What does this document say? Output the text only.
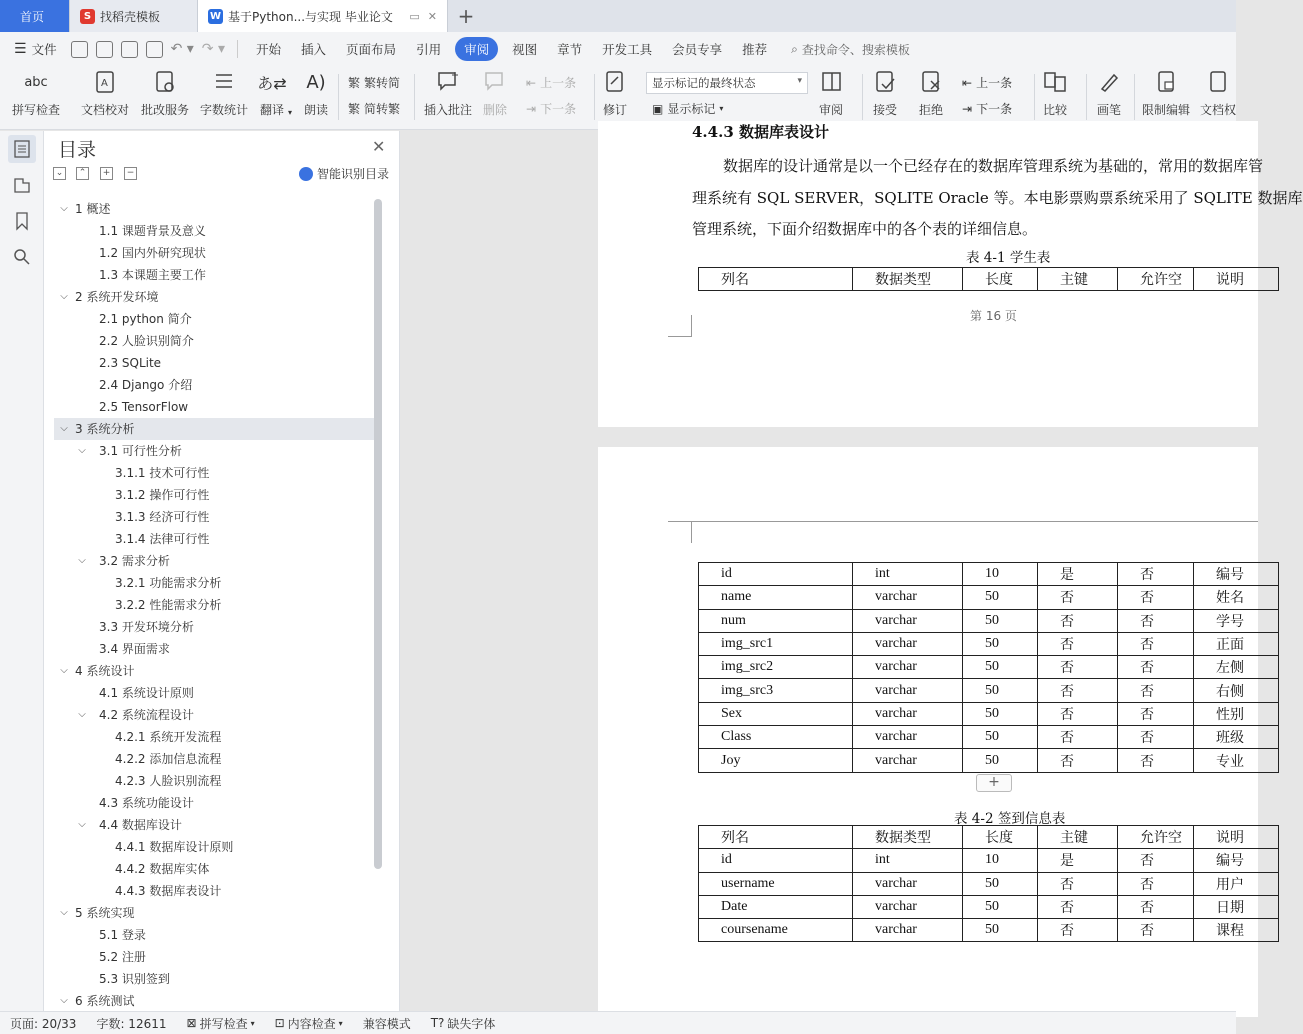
首页	S 找稻壳模板	W 基于Python...与实现 毕业论文 ▭ ✕	+
☰ 文件	↶ ▾ ↷ ▾	开始	插入	页面布局	引用	审阅	视图	章节	开发工具	会员专享	推荐	⌕ 查找命令、搜索模板
abc
拼写检查
A
文档校对 批改服务 字数统计
あ⇄
翻译 ▾
A)
朗读
繁 繁转简
繁 简转繁 插入批注 删除
⇤ 上一条
⇥ 下一条 修订
显示标记的最终状态	▾
▣ 显示标记 ▾	审阅 接受 拒绝
⇤ 上一条
⇥ 下一条	比较 画笔 限制编辑 文档权
目录	✕
⌄	⌃	+	−	智能识别目录
⌵ 1 概述
1.1 课题背景及意义
1.2 国内外研究现状
1.3 本课题主要工作
⌵ 2 系统开发环境
2.1 python 简介
2.2 人脸识别简介
2.3 SQLite
2.4 Django 介绍
2.5 TensorFlow
⌵ 3 系统分析
⌵ 3.1 可行性分析
3.1.1 技术可行性
3.1.2 操作可行性
3.1.3 经济可行性
3.1.4 法律可行性
⌵ 3.2 需求分析
3.2.1 功能需求分析
3.2.2 性能需求分析
3.3 开发环境分析
3.4 界面需求
⌵ 4 系统设计
4.1 系统设计原则
⌵ 4.2 系统流程设计
4.2.1 系统开发流程
4.2.2 添加信息流程
4.2.3 人脸识别流程
4.3 系统功能设计
⌵ 4.4 数据库设计
4.4.1 数据库设计原则
4.4.2 数据库实体
4.4.3 数据库表设计
⌵ 5 系统实现
5.1 登录
5.2 注册
5.3 识别签到
⌵ 6 系统测试
4.4.3 数据库表设计
数据库的设计通常是以一个已经存在的数据库管理系统为基础的，常用的数据库管
理系统有 SQL SERVER，SQLITE Oracle 等。本电影票购票系统采用了 SQLITE 数据库
管理系统，下面介绍数据库中的各个表的详细信息。
表 4-1 学生表
列名	数据类型	长度	主键	允许空	说明
第 16 页
id	int	10	是	否	编号
name	varchar	50	否	否	姓名
num	varchar	50	否	否	学号
img_src1	varchar	50	否	否	正面
img_src2	varchar	50	否	否	左侧
img_src3	varchar	50	否	否	右侧
Sex	varchar	50	否	否	性别
Class	varchar	50	否	否	班级
Joy	varchar	50	否	否	专业
+
表 4-2 签到信息表
列名	数据类型	长度	主键	允许空	说明
id	int	10	是	否	编号
username	varchar	50	否	否	用户
Date	varchar	50	否	否	日期
coursename	varchar	50	否	否	课程
页面: 20/33	字数: 12611	⊠ 拼写检查 ▾ ⊡ 内容检查 ▾	兼容模式	T? 缺失字体
